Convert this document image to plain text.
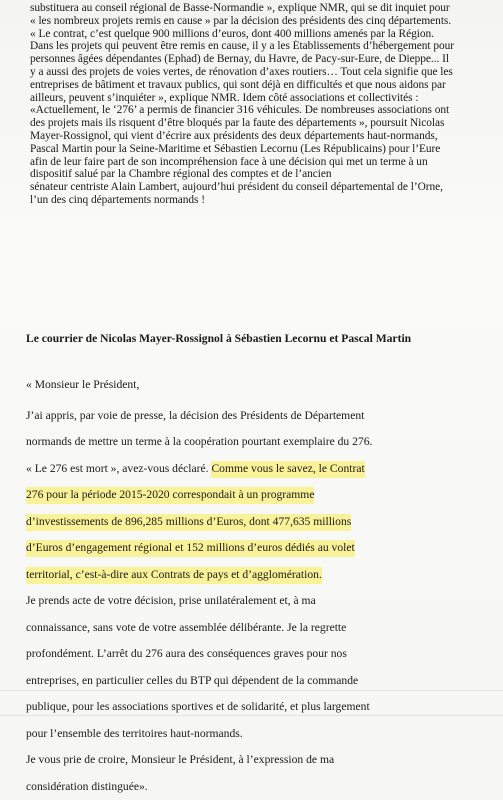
substituera au conseil régional de Basse-Normandie », explique NMR, qui se dit inquiet pour
« les nombreux projets remis en cause » par la décision des présidents des cinq départements.
« Le contrat, c’est quelque 900 millions d’euros, dont 400 millions amenés par la Région.
Dans les projets qui peuvent être remis en cause, il y a les Établissements d’hébergement pour
personnes âgées dépendantes (Ephad) de Bernay, du Havre, de Pacy-sur-Eure, de Dieppe... Il
y a aussi des projets de voies vertes, de rénovation d’axes routiers… Tout cela signifie que les
entreprises de bâtiment et travaux publics, qui sont déjà en difficultés et que nous aidons par
ailleurs, peuvent s’inquiéter », explique NMR. Idem côté associations et collectivités :
«Actuellement, le ‘276’ a permis de financier 316 véhicules. De nombreuses associations ont
des projets mais ils risquent d’être bloqués par la faute des départements », poursuit Nicolas
Mayer-Rossignol, qui vient d’écrire aux présidents des deux départements haut-normands,
Pascal Martin pour la Seine-Maritime et Sébastien Lecornu (Les Républicains) pour l’Eure
afin de leur faire part de son incompréhension face à une décision qui met un terme à un
dispositif salué par la Chambre régional des comptes et de l’ancien
sénateur centriste Alain Lambert, aujourd’hui président du conseil départemental de l’Orne,
l’un des cinq départements normands !
Le courrier de Nicolas Mayer-Rossignol à Sébastien Lecornu et Pascal Martin
« Monsieur le Président,
J’ai appris, par voie de presse, la décision des Présidents de Département
normands de mettre un terme à la coopération pourtant exemplaire du 276.
« Le 276 est mort », avez-vous déclaré. Comme vous le savez, le Contrat
276 pour la période 2015-2020 correspondait à un programme
d’investissements de 896,285 millions d’Euros, dont 477,635 millions
d’Euros d’engagement régional et 152 millions d’euros dédiés au volet
territorial, c’est-à-dire aux Contrats de pays et d’agglomération.
Je prends acte de votre décision, prise unilatéralement et, à ma
connaissance, sans vote de votre assemblée délibérante. Je la regrette
profondément. L’arrêt du 276 aura des conséquences graves pour nos
entreprises, en particulier celles du BTP qui dépendent de la commande
publique, pour les associations sportives et de solidarité, et plus largement
pour l’ensemble des territoires haut-normands.
Je vous prie de croire, Monsieur le Président, à l’expression de ma
considération distinguée».
